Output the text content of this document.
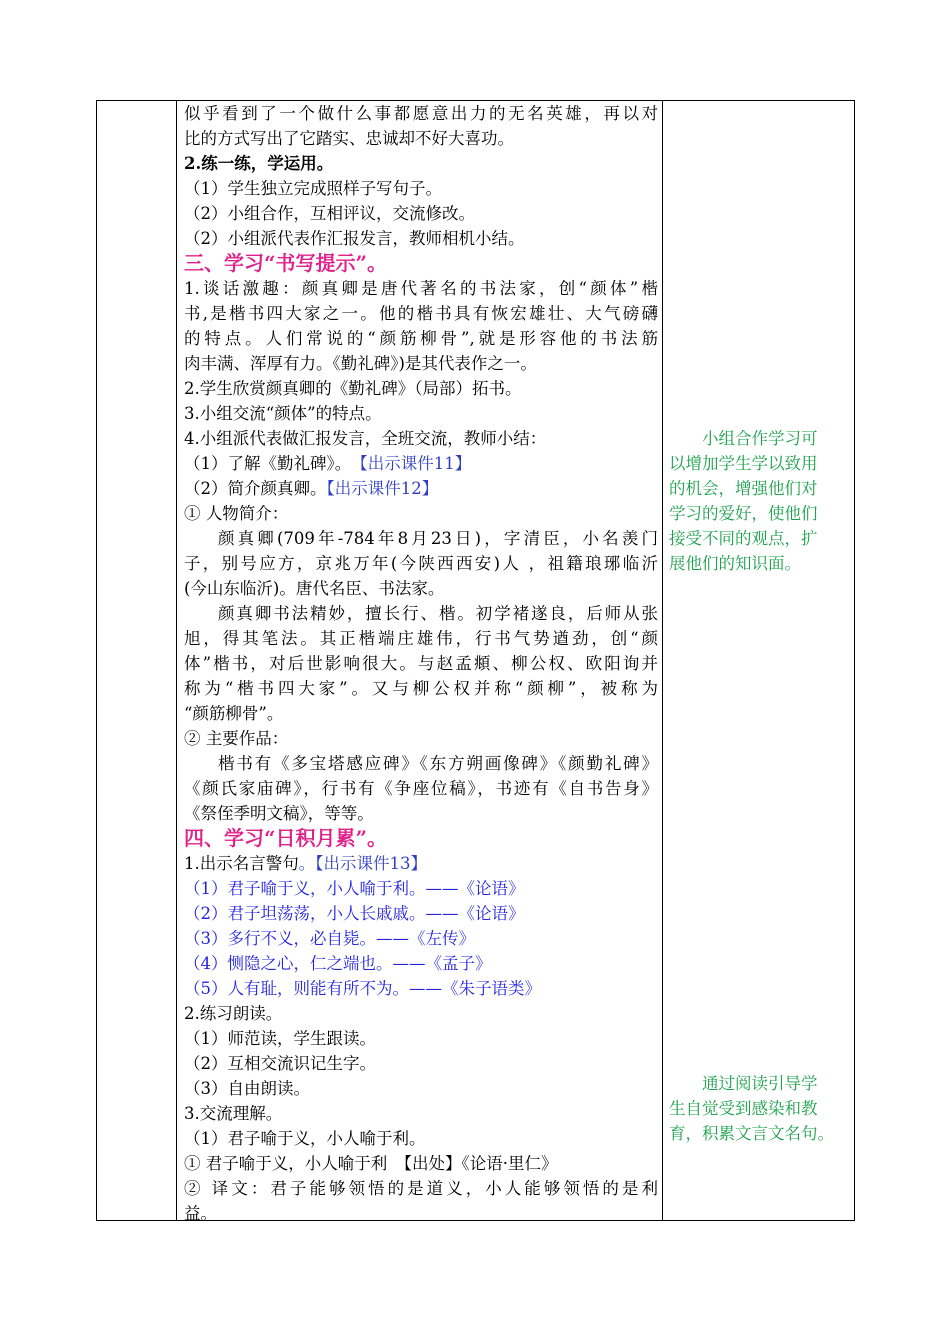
似乎看到了一个做什么事都愿意出力的无名英雄，再以对
比的方式写出了它踏实、忠诚却不好大喜功。
2.练一练，学运用。
（1）学生独立完成照样子写句子。
（2）小组合作，互相评议，交流修改。
（2）小组派代表作汇报发言，教师相机小结。
三、学习“书写提示”。
1.谈话激趣：颜真卿是唐代著名的书法家，创“颜体”楷
书,是楷书四大家之一。他的楷书具有恢宏雄壮、大气磅礴
的特点。人们常说的“颜筋柳骨”,就是形容他的书法筋
肉丰满、浑厚有力。《勤礼碑》)是其代表作之一。
2.学生欣赏颜真卿的《勤礼碑》（局部）拓书。
3.小组交流“颜体”的特点。
4.小组派代表做汇报发言，全班交流，教师小结：
（1）了解《勤礼碑》。　【出示课件11】
（2）简介颜真卿。【出示课件12】
① 人物简介：
颜真卿(709年-784年8月23日)，字清臣，小名羡门
子，别号应方，京兆万年(今陕西西安)人 ，祖籍琅琊临沂
(今山东临沂)。唐代名臣、书法家。
颜真卿书法精妙，擅长行、楷。初学褚遂良，后师从张
旭，得其笔法。其正楷端庄雄伟，行书气势遒劲，创“颜
体”楷书，对后世影响很大。与赵孟頫、柳公权、欧阳询并
称为“楷书四大家”。又与柳公权并称“颜柳”，被称为
“颜筋柳骨”。
② 主要作品：
楷书有《多宝塔感应碑》《东方朔画像碑》《颜勤礼碑》
《颜氏家庙碑》，行书有《争座位稿》，书迹有《自书告身》
《祭侄季明文稿》，等等。
四、学习“日积月累”。
1.出示名言警句。【出示课件13】
（1）君子喻于义，小人喻于利。——《论语》
（2）君子坦荡荡，小人长戚戚。——《论语》
（3）多行不义，必自毙。——《左传》
（4）恻隐之心，仁之端也。——《孟子》
（5）人有耻，则能有所不为。——《朱子语类》
2.练习朗读。
（1）师范读，学生跟读。
（2）互相交流识记生字。
（3）自由朗读。
3.交流理解。
（1）君子喻于义，小人喻于利。
① 君子喻于义，小人喻于利　【出处】《论语·里仁》
② 译文：君子能够领悟的是道义，小人能够领悟的是利
益。
　　小组合作学习可
以增加学生学以致用
的机会，增强他们对
学习的爱好，使他们
接受不同的观点，扩
展他们的知识面。
　　通过阅读引导学
生自觉受到感染和教
育，积累文言文名句。
